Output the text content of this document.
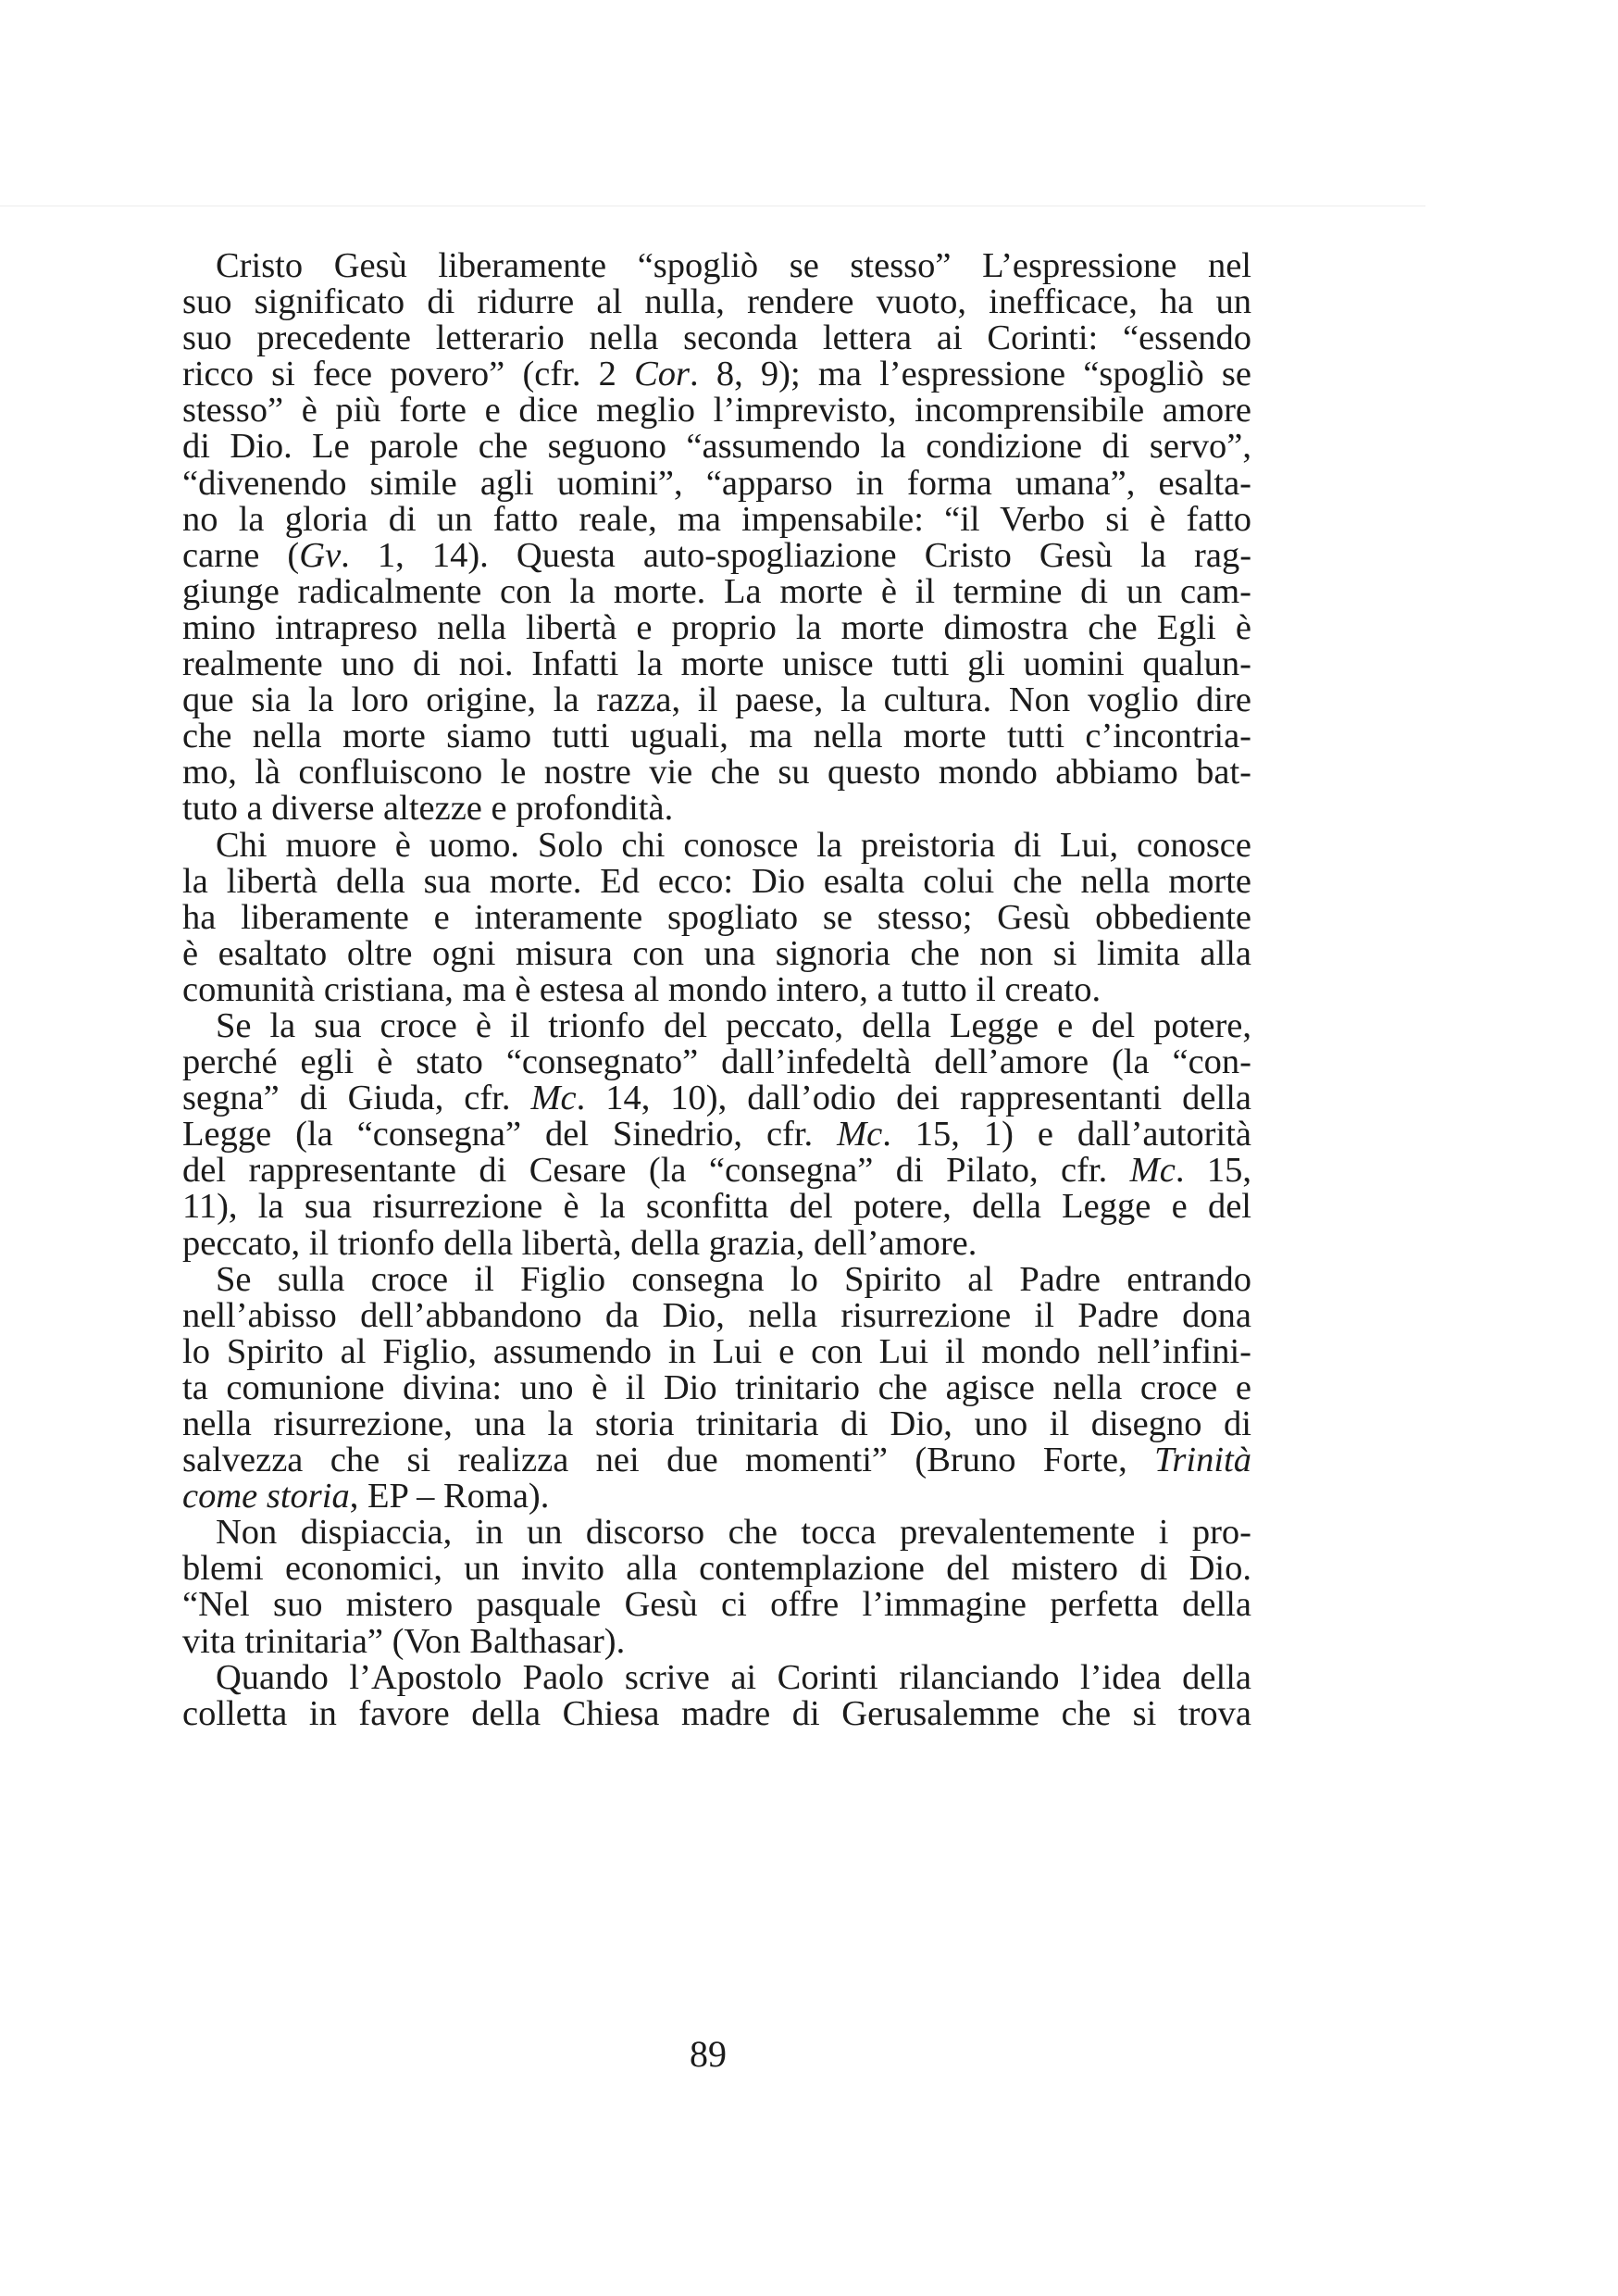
Cristo Gesù liberamente “spogliò se stesso” L’espressione nel
suo significato di ridurre al nulla, rendere vuoto, inefficace, ha un
suo precedente letterario nella seconda lettera ai Corinti: “essendo
ricco si fece povero” (cfr. 2 Cor. 8, 9); ma l’espressione “spogliò se
stesso” è più forte e dice meglio l’imprevisto, incomprensibile amore
di Dio. Le parole che seguono “assumendo la condizione di servo”,
“divenendo simile agli uomini”, “apparso in forma umana”, esalta-
no la gloria di un fatto reale, ma impensabile: “il Verbo si è fatto
carne (Gv. 1, 14). Questa auto-spogliazione Cristo Gesù la rag-
giunge radicalmente con la morte. La morte è il termine di un cam-
mino intrapreso nella libertà e proprio la morte dimostra che Egli è
realmente uno di noi. Infatti la morte unisce tutti gli uomini qualun-
que sia la loro origine, la razza, il paese, la cultura. Non voglio dire
che nella morte siamo tutti uguali, ma nella morte tutti c’incontria-
mo, là confluiscono le nostre vie che su questo mondo abbiamo bat-
tuto a diverse altezze e profondità.
Chi muore è uomo. Solo chi conosce la preistoria di Lui, conosce
la libertà della sua morte. Ed ecco: Dio esalta colui che nella morte
ha liberamente e interamente spogliato se stesso; Gesù obbediente
è esaltato oltre ogni misura con una signoria che non si limita alla
comunità cristiana, ma è estesa al mondo intero, a tutto il creato.
Se la sua croce è il trionfo del peccato, della Legge e del potere,
perché egli è stato “consegnato” dall’infedeltà dell’amore (la “con-
segna” di Giuda, cfr. Mc. 14, 10), dall’odio dei rappresentanti della
Legge (la “consegna” del Sinedrio, cfr. Mc. 15, 1) e dall’autorità
del rappresentante di Cesare (la “consegna” di Pilato, cfr. Mc. 15,
11), la sua risurrezione è la sconfitta del potere, della Legge e del
peccato, il trionfo della libertà, della grazia, dell’amore.
Se sulla croce il Figlio consegna lo Spirito al Padre entrando
nell’abisso dell’abbandono da Dio, nella risurrezione il Padre dona
lo Spirito al Figlio, assumendo in Lui e con Lui il mondo nell’infini-
ta comunione divina: uno è il Dio trinitario che agisce nella croce e
nella risurrezione, una la storia trinitaria di Dio, uno il disegno di
salvezza che si realizza nei due momenti” (Bruno Forte, Trinità
come storia, EP – Roma).
Non dispiaccia, in un discorso che tocca prevalentemente i pro-
blemi economici, un invito alla contemplazione del mistero di Dio.
“Nel suo mistero pasquale Gesù ci offre l’immagine perfetta della
vita trinitaria” (Von Balthasar).
Quando l’Apostolo Paolo scrive ai Corinti rilanciando l’idea della
colletta in favore della Chiesa madre di Gerusalemme che si trova
89
